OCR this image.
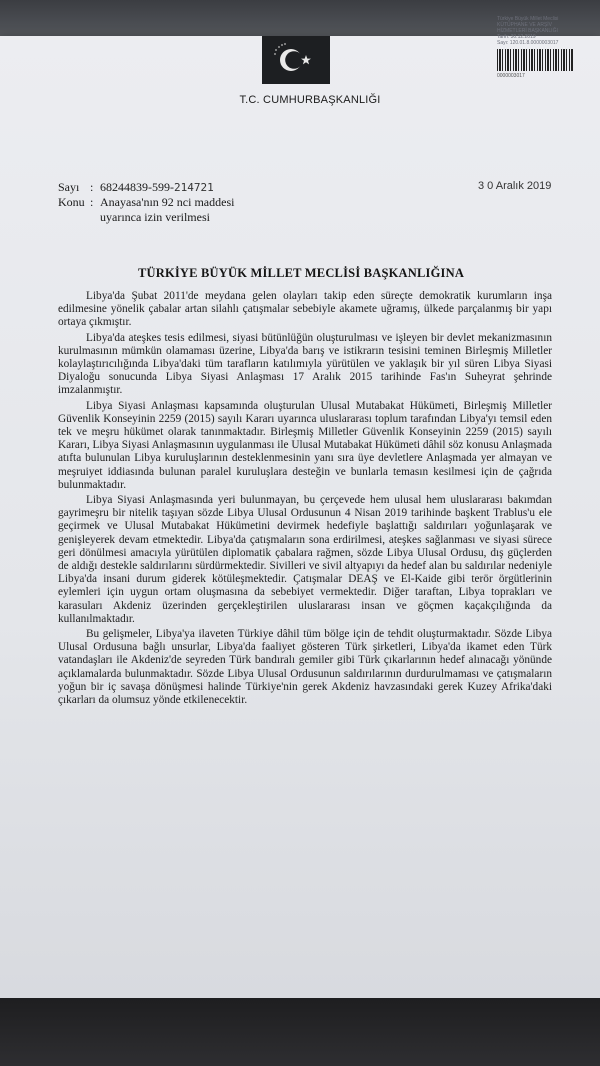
T.C. CUMHURBAŞKANLIĞI
Türkiye Büyük Millet Meclisi
KÜTÜPHANE VE ARŞİV
HİZMETLERİ BAŞKANLIĞI
Tarih: 30.12.2019
Sayı: 120.01.8.0000003017
0000003017
Sayı : 68244839-599- 214721
Konu : Anayasa'nın 92 nci maddesi
uyarınca izin verilmesi
3 0 Aralık 2019
TÜRKİYE BÜYÜK MİLLET MECLİSİ BAŞKANLIĞINA

Libya'da Şubat 2011'de meydana gelen olayları takip eden süreçte demokratik kurumların inşa edilmesine yönelik çabalar artan silahlı çatışmalar sebebiyle akamete uğramış, ülkede parçalanmış bir yapı ortaya çıkmıştır.

Libya'da ateşkes tesis edilmesi, siyasi bütünlüğün oluşturulması ve işleyen bir devlet mekanizmasının kurulmasının mümkün olamaması üzerine, Libya'da barış ve istikrarın tesisini teminen Birleşmiş Milletler kolaylaştırıcılığında Libya'daki tüm tarafların katılımıyla yürütülen ve yaklaşık bir yıl süren Libya Siyasi Diyaloğu sonucunda Libya Siyasi Anlaşması 17 Aralık 2015 tarihinde Fas'ın Suheyrat şehrinde imzalanmıştır.

Libya Siyasi Anlaşması kapsamında oluşturulan Ulusal Mutabakat Hükümeti, Birleşmiş Milletler Güvenlik Konseyinin 2259 (2015) sayılı Kararı uyarınca uluslararası toplum tarafından Libya'yı temsil eden tek ve meşru hükümet olarak tanınmaktadır. Birleşmiş Milletler Güvenlik Konseyinin 2259 (2015) sayılı Kararı, Libya Siyasi Anlaşmasının uygulanması ile Ulusal Mutabakat Hükümeti dâhil söz konusu Anlaşmada atıfta bulunulan Libya kuruluşlarının desteklenmesinin yanı sıra üye devletlere Anlaşmada yer almayan ve meşruiyet iddiasında bulunan paralel kuruluşlara desteğin ve bunlarla temasın kesilmesi için de çağrıda bulunmaktadır.

Libya Siyasi Anlaşmasında yeri bulunmayan, bu çerçevede hem ulusal hem uluslararası bakımdan gayrimeşru bir nitelik taşıyan sözde Libya Ulusal Ordusunun 4 Nisan 2019 tarihinde başkent Trablus'u ele geçirmek ve Ulusal Mutabakat Hükümetini devirmek hedefiyle başlattığı saldırıları yoğunlaşarak ve genişleyerek devam etmektedir. Libya'da çatışmaların sona erdirilmesi, ateşkes sağlanması ve siyasi sürece geri dönülmesi amacıyla yürütülen diplomatik çabalara rağmen, sözde Libya Ulusal Ordusu, dış güçlerden de aldığı destekle saldırılarını sürdürmektedir. Sivilleri ve sivil altyapıyı da hedef alan bu saldırılar nedeniyle Libya'da insani durum giderek kötüleşmektedir. Çatışmalar DEAŞ ve El-Kaide gibi terör örgütlerinin eylemleri için uygun ortam oluşmasına da sebebiyet vermektedir. Diğer taraftan, Libya toprakları ve karasuları Akdeniz üzerinden gerçekleştirilen uluslararası insan ve göçmen kaçakçılığında da kullanılmaktadır.

Bu gelişmeler, Libya'ya ilaveten Türkiye dâhil tüm bölge için de tehdit oluşturmaktadır. Sözde Libya Ulusal Ordusuna bağlı unsurlar, Libya'da faaliyet gösteren Türk şirketleri, Libya'da ikamet eden Türk vatandaşları ile Akdeniz'de seyreden Türk bandıralı gemiler gibi Türk çıkarlarının hedef alınacağı yönünde açıklamalarda bulunmaktadır. Sözde Libya Ulusal Ordusunun saldırılarının durdurulmaması ve çatışmaların yoğun bir iç savaşa dönüşmesi halinde Türkiye'nin gerek Akdeniz havzasındaki gerek Kuzey Afrika'daki çıkarları da olumsuz yönde etkilenecektir.
